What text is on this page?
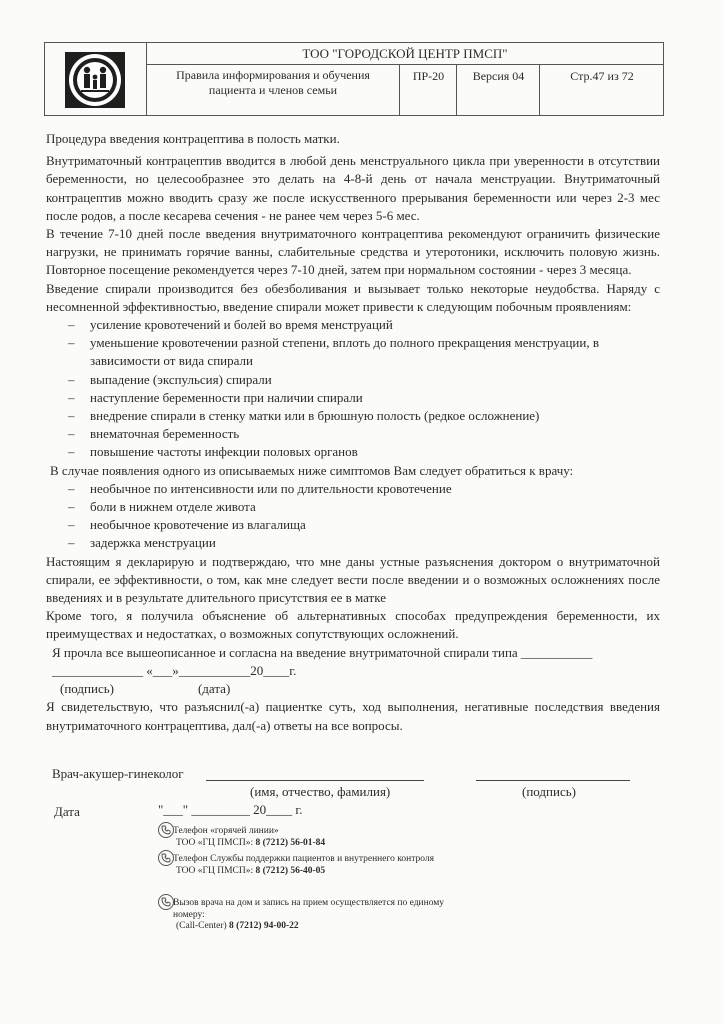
ТОО "ГОРОДСКОЙ ЦЕНТР ПМСП"
Правила информирования и обучения
пациента и членов семьи
ПР-20	Версия 04	Стр.47 из 72

Процедура введения контрацептива в полость матки.

Внутриматочный контрацептив вводится в любой день менструального цикла при уверенности в отсутствии беременности, но целесообразнее это делать на 4-8-й день от начала менструации. Внутриматочный контрацептив можно вводить сразу же после искусственного прерывания беременности или через 2-3 мес после родов, а после кесарева сечения - не ранее чем через 5-6 мес.

В течение 7-10 дней после введения внутриматочного контрацептива рекомендуют ограничить физические нагрузки, не принимать горячие ванны, слабительные средства и утеротоники, исключить половую жизнь. Повторное посещение рекомендуется через 7-10 дней, затем при нормальном состоянии - через 3 месяца.

Введение спирали производится без обезболивания и вызывает только некоторые неудобства. Наряду с несомненной эффективностью, введение спирали может привести к следующим побочным проявлениям:

– усиление кровотечений и болей во время менструаций
– уменьшение кровотечении разной степени, вплоть до полного прекращения менструации, в зависимости от вида спирали
– выпадение (экспульсия) спирали
– наступление беременности при наличии спирали
– внедрение спирали в стенку матки или в брюшную полость (редкое осложнение)
– внематочная беременность
– повышение частоты инфекции половых органов

В случае появления одного из описываемых ниже симптомов Вам следует обратиться к врачу:

– необычное по интенсивности или по длительности кровотечение
– боли в нижнем отделе живота
– необычное кровотечение из влагалища
– задержка менструации

Настоящим я декларирую и подтверждаю, что мне даны устные разъяснения доктором о внутриматочной спирали, ее эффективности, о том, как мне следует вести после введении и о возможных осложнениях после введениях и в результате длительного присутствия ее в матке

Кроме того, я получила объяснение об альтернативных способах предупреждения беременности, их преимуществах и недостатках, о возможных сопутствующих осложнений.

Я прочла все вышеописанное и согласна на введение внутриматочной спирали типа ___________

______________ «___»___________20____г.

(подпись)	(дата)

Я свидетельствую, что разъяснил(-а) пациентке суть, ход выполнения, негативные последствия введения внутриматочного контрацептива, дал(-а) ответы на все вопросы.

Врач-акушер-гинеколог
(имя, отчество, фамилия)	(подпись)
Дата	"___" _________ 20____ г.
Телефон «горячей линии»
ТОО «ГЦ ПМСП»: 8 (7212) 56-01-84
Телефон Службы поддержки пациентов и внутреннего контроля
ТОО «ГЦ ПМСП»: 8 (7212) 56-40-05
Вызов врача на дом и запись на прием осуществляется по единому номеру:
(Call-Center) 8 (7212) 94-00-22
